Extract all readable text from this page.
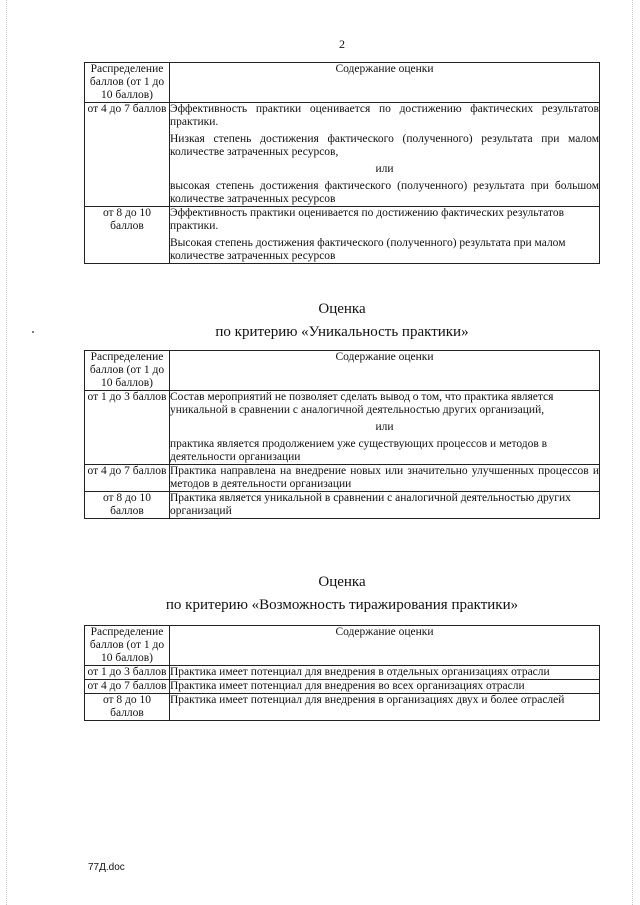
2
Распределение баллов (от 1 до 10 баллов)	Содержание оценки
от 4 до 7 баллов	Эффективность практики оценивается по достижению фактических результатов практики.
Низкая степень достижения фактического (полученного) результата при малом количестве затраченных ресурсов,
или
высокая степень достижения фактического (полученного) результата при большом количестве затраченных ресурсов

от 8 до 10 баллов	Эффективность практики оценивается по достижению фактических результатов практики.
Высокая степень достижения фактического (полученного) результата при малом количестве затраченных ресурсов
Оценка
по критерию «Уникальность практики»
Распределение баллов (от 1 до 10 баллов)	Содержание оценки
от 1 до 3 баллов	Состав мероприятий не позволяет сделать вывод о том, что практика является уникальной в сравнении с аналогичной деятельностью других организаций,
или
практика является продолжением уже существующих процессов и методов в деятельности организации

от 4 до 7 баллов	Практика направлена на внедрение новых или значительно улучшенных процессов и методов в деятельности организации
от 8 до 10 баллов	Практика является уникальной в сравнении с аналогичной деятельностью других организаций
Оценка
по критерию «Возможность тиражирования практики»
Распределение баллов (от 1 до 10 баллов)	Содержание оценки
от 1 до 3 баллов	Практика имеет потенциал для внедрения в отдельных организациях отрасли
от 4 до 7 баллов	Практика имеет потенциал для внедрения во всех организациях отрасли
от 8 до 10 баллов	Практика имеет потенциал для внедрения в организациях двух и более отраслей
77Д.doc
